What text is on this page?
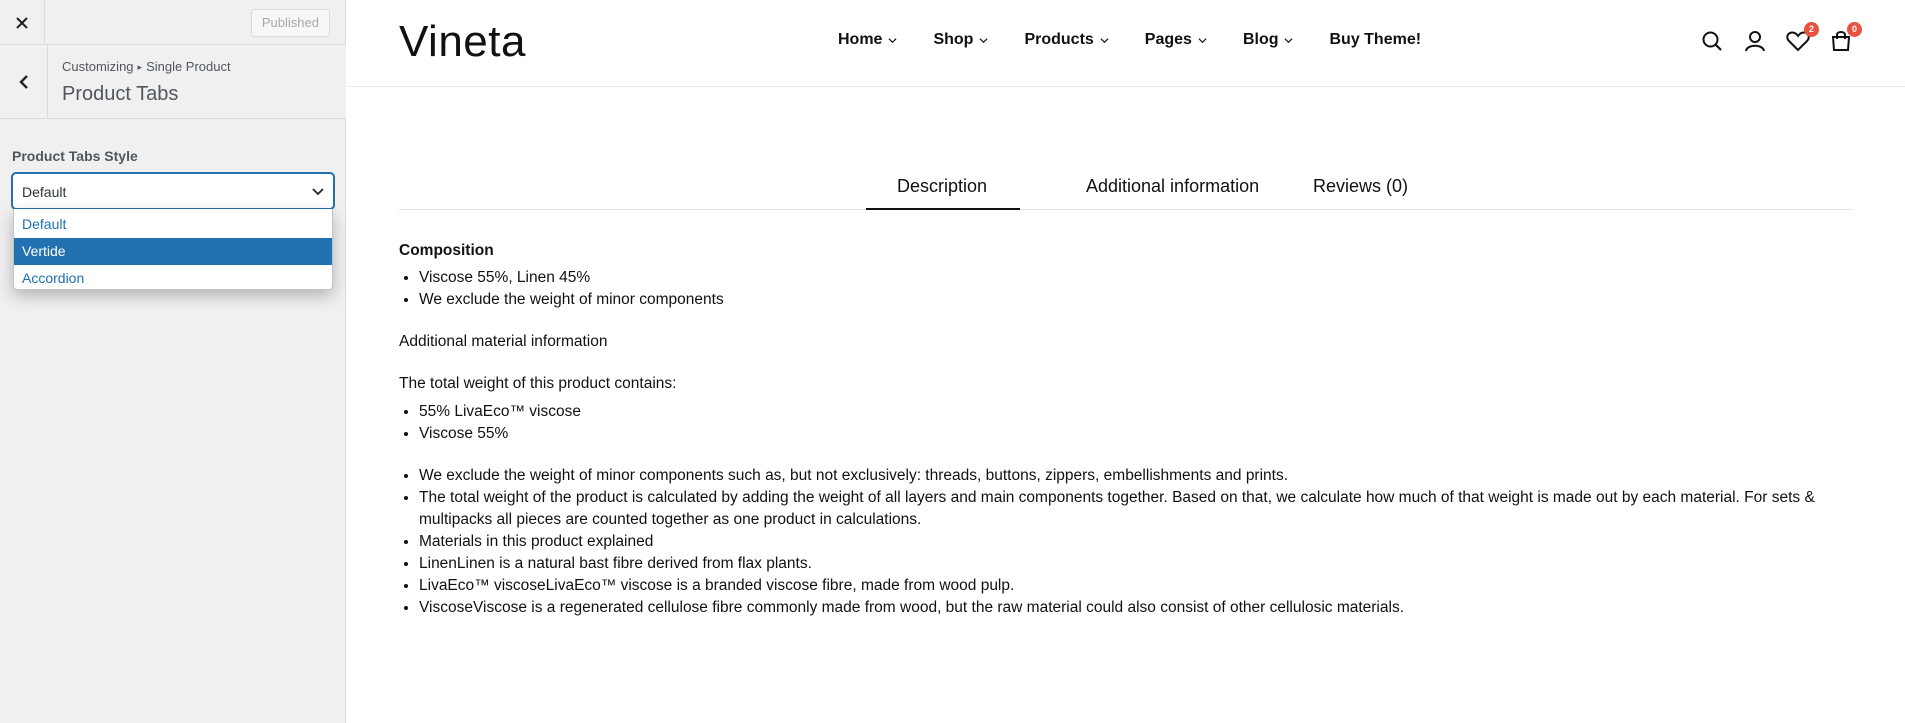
Published
Customizing ▸ Single Product
Product Tabs
Product Tabs Style
Default
Default
Vertide
Accordion
Vineta	Home	Shop	Products	Pages	Blog	Buy Theme!
2	0
Description	Additional information	Reviews (0)
Composition
• Viscose 55%, Linen 45%
• We exclude the weight of minor components

Additional material information

The total weight of this product contains:

• 55% LivaEco™ viscose
• Viscose 55%
• We exclude the weight of minor components such as, but not exclusively: threads, buttons, zippers, embellishments and prints.
• The total weight of the product is calculated by adding the weight of all layers and main components together. Based on that, we calculate how much of that weight is made out by each material. For sets & multipacks all pieces are counted together as one product in calculations.
• Materials in this product explained
• LinenLinen is a natural bast fibre derived from flax plants.
• LivaEco™ viscoseLivaEco™ viscose is a branded viscose fibre, made from wood pulp.
• ViscoseViscose is a regenerated cellulose fibre commonly made from wood, but the raw material could also consist of other cellulosic materials.
